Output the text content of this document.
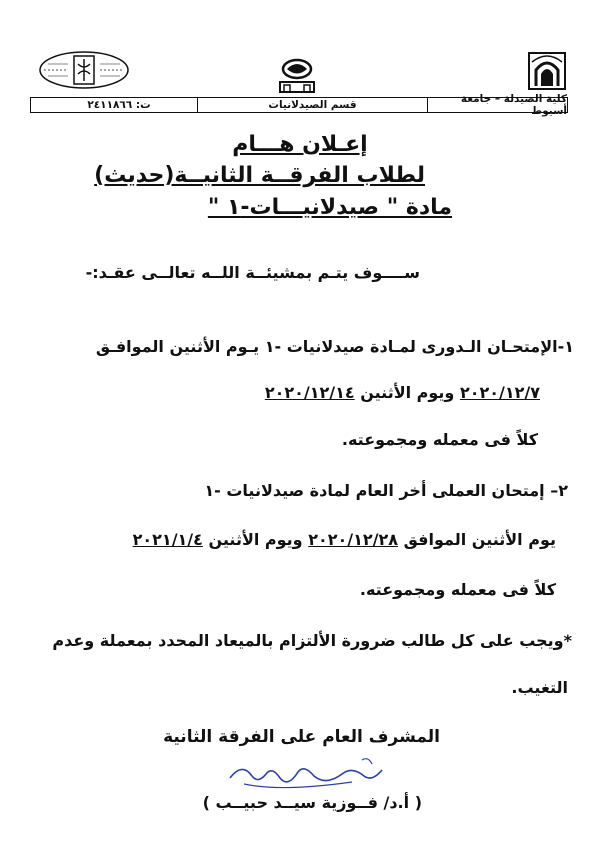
كلية الصيدلة – جامعة أسيوط
قسم الصيدلانيات
ت: ٢٤١١٨٦٦
إعـلان هـــام
لطلاب الفرقــة الثانيــة(حديث)
مادة " صيدلانيـــات-١ "
ســــوف يتـم بمشيئــة اللــه تعالــى عقـد:-
١-الإمتحـان الـدورى لمـادة صيدلانيات -١ يـوم الأثنين الموافـق
٢٠٢٠/١٢/٧ ويوم الأثنين ٢٠٢٠/١٢/١٤
كلاً فى معمله ومجموعته.
٢– إمتحان العملى أخر العام لمادة صيدلانيات -١
يوم الأثنين الموافق ٢٠٢٠/١٢/٢٨ ويوم الأثنين ٢٠٢١/١/٤
كلاً فى معمله ومجموعته.
*ويجب على كل طالب ضرورة الألتزام بالميعاد المحدد بمعملة وعدم
التغيب.
المشرف العام على الفرقة الثانية
( أ.د/ فــوزية سيــد حبيــب )
